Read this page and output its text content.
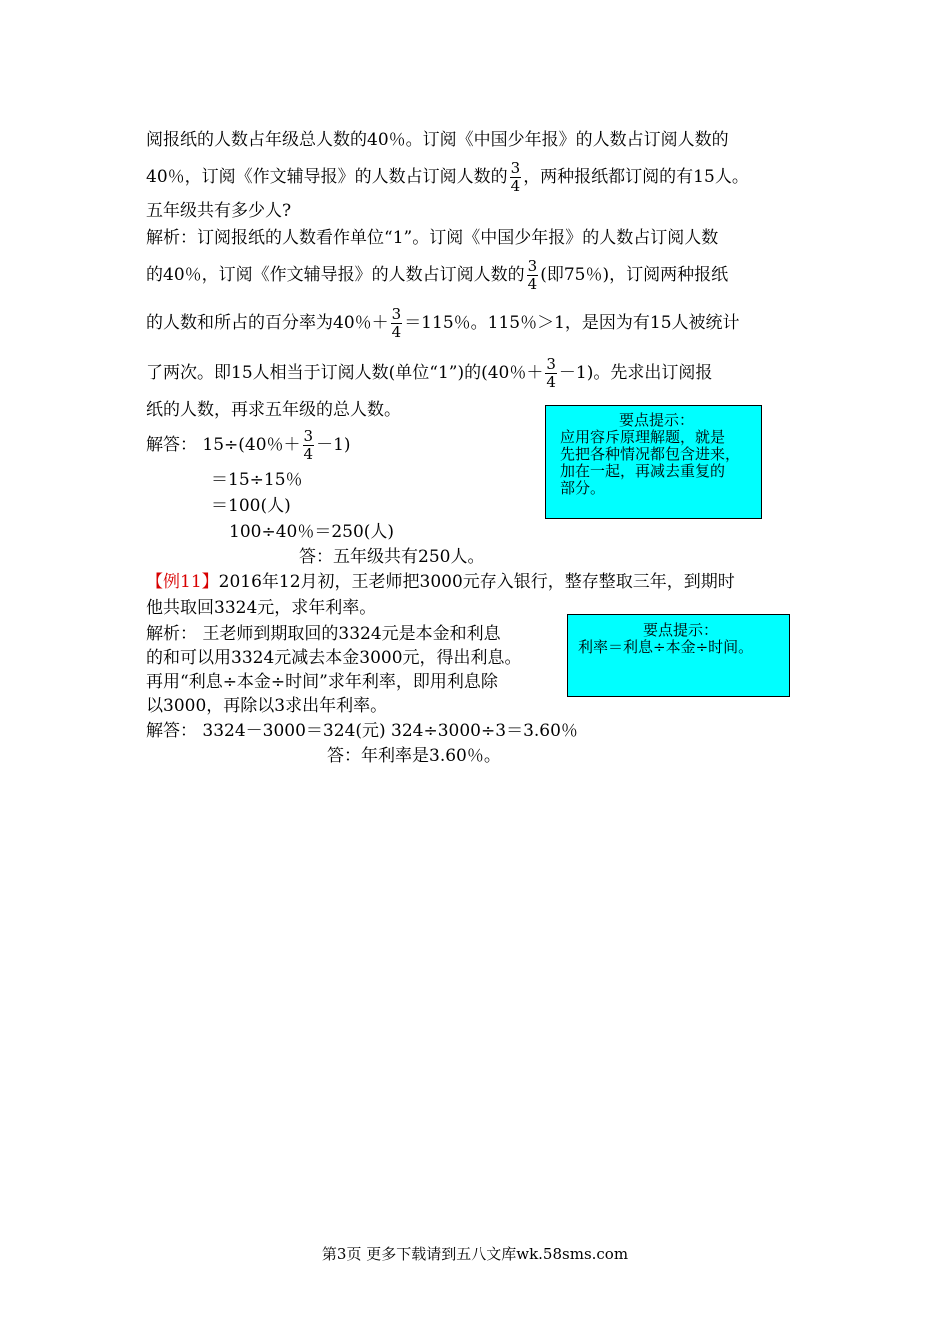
阅报纸的人数占年级总人数的40％。订阅《中国少年报》的人数占订阅人数的
40％，订阅《作文辅导报》的人数占订阅人数的 $\frac{3}{4}$ ，两种报纸都订阅的有15人。
五年级共有多少人?
解析：订阅报纸的人数看作单位“1”。订阅《中国少年报》的人数占订阅人数
的40％，订阅《作文辅导报》的人数占订阅人数的 $\frac{3}{4}$ (即75％)，订阅两种报纸
的人数和所占的百分率为40％＋ $\frac{3}{4} =115$％。115％＞1，是因为有15人被统计
了两次。即15人相当于订阅人数(单位“1”)的(40％＋ $\frac{3}{4} -1$)。先求出订阅报
纸的人数，再求五年级的总人数。
解答： 15÷(40％＋ $\frac{3}{4} -1$)
＝15÷15％
＝100(人)
100÷40％＝250(人)
答：五年级共有250人。
要点提示：
应用容斥原理解题，就是
先把各种情况都包含进来，
加在一起，再减去重复的
部分。
【例11】2016年12月初，王老师把3000元存入银行，整存整取三年，到期时
他共取回3324元，求年利率。
解析： 王老师到期取回的3324元是本金和利息
的和可以用3324元减去本金3000元，得出利息。
再用“利息÷本金÷时间”求年利率，即用利息除
以3000，再除以3求出年利率。
解答： 3324－3000＝324(元) 324÷3000÷3＝3.60％
答：年利率是3.60％。
要点提示：
利率＝利息÷本金÷时间。
第3页 更多下载请到五八文库wk.58sms.com
